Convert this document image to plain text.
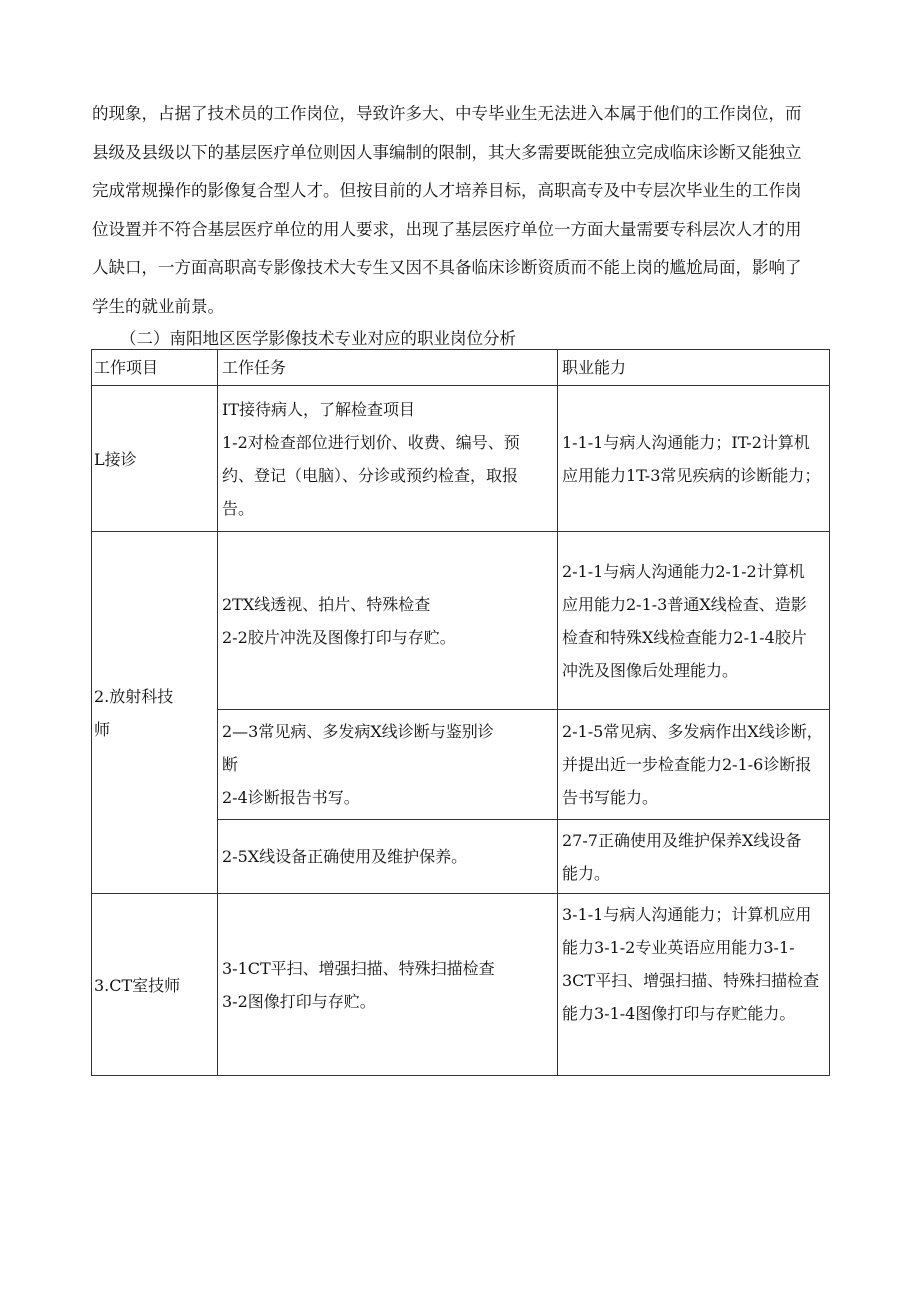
的现象，占据了技术员的工作岗位，导致许多大、中专毕业生无法进入本属于他们的工作岗位，而
县级及县级以下的基层医疗单位则因人事编制的限制，其大多需要既能独立完成临床诊断又能独立
完成常规操作的影像复合型人才。但按目前的人才培养目标，高职高专及中专层次毕业生的工作岗
位设置并不符合基层医疗单位的用人要求，出现了基层医疗单位一方面大量需要专科层次人才的用
人缺口，一方面高职高专影像技术大专生又因不具备临床诊断资质而不能上岗的尴尬局面，影响了
学生的就业前景。
（二）南阳地区医学影像技术专业对应的职业岗位分析
工作项目	工作任务	职业能力
L接诊	IT接待病人，了解检查项目
1-2对检查部位进行划价、收费、编号、预
约、登记（电脑）、分诊或预约检查，取报
告。	1-1-1与病人沟通能力；IT-2计算机
应用能力1T-3常见疾病的诊断能力；

2.放射科技
师	2TX线透视、拍片、特殊检查
2-2胶片冲洗及图像打印与存贮。	2-1-1与病人沟通能力2-1-2计算机
应用能力2-1-3普通X线检查、造影
检查和特殊X线检查能力2-1-4胶片
冲洗及图像后处理能力。

	2—3常见病、多发病X线诊断与鉴别诊
断
2-4诊断报告书写。	2-1-5常见病、多发病作出X线诊断，
并提出近一步检查能力2-1-6诊断报
告书写能力。

	2-5X线设备正确使用及维护保养。	27-7正确使用及维护保养X线设备
能力。

3.CT室技师	3-1CT平扫、增强扫描、特殊扫描检查
3-2图像打印与存贮。	3-1-1与病人沟通能力；计算机应用
能力3-1-2专业英语应用能力3-1-
3CT平扫、增强扫描、特殊扫描检查
能力3-1-4图像打印与存贮能力。
